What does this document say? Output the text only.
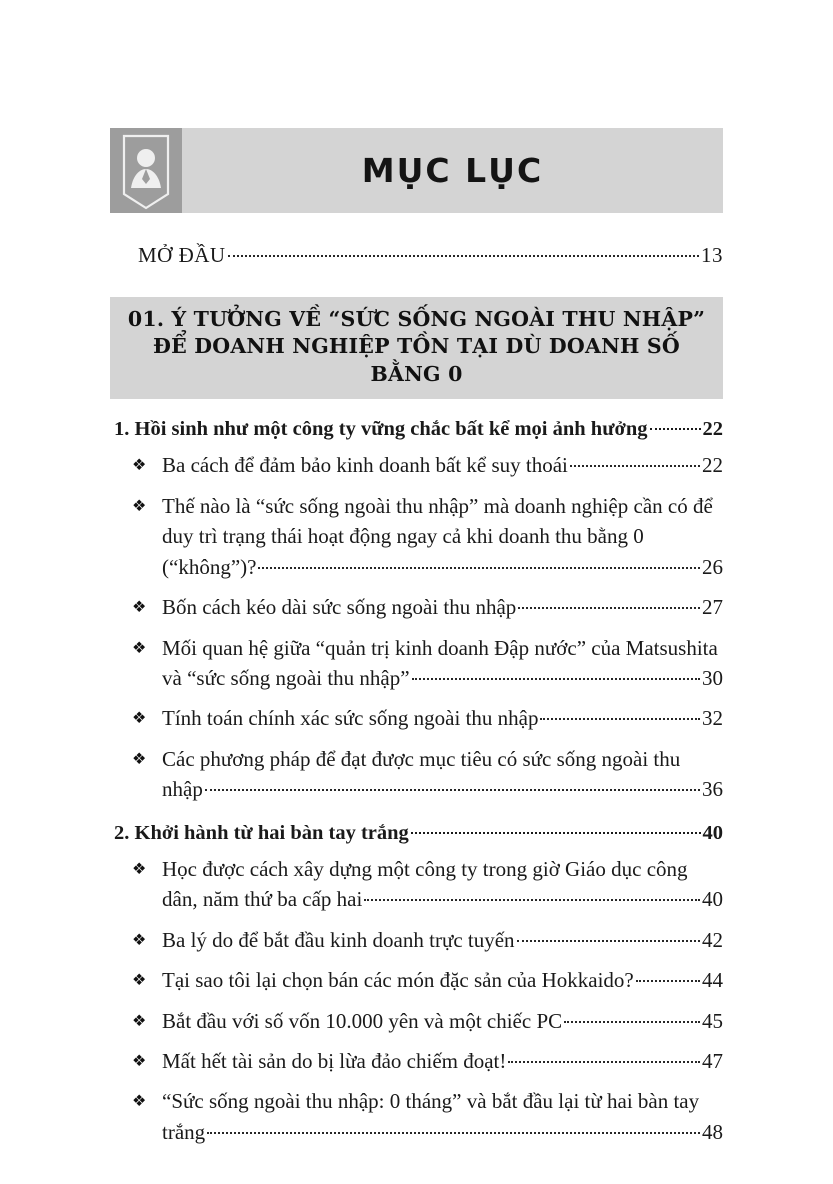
MỤC LỤC
MỞ ĐẦU	13
01. Ý TƯỞNG VỀ “SỨC SỐNG NGOÀI THU NHẬP”
ĐỂ DOANH NGHIỆP TỒN TẠI DÙ DOANH SỐ BẰNG 0
1. Hồi sinh như một công ty vững chắc bất kể mọi ảnh hưởng	22
❖ Ba cách để đảm bảo kinh doanh bất kể suy thoái	22
❖ Thế nào là “sức sống ngoài thu nhập” mà doanh nghiệp cần có để duy trì trạng thái hoạt động ngay cả khi doanh thu bằng 0
(“không”)?	26
❖ Bốn cách kéo dài sức sống ngoài thu nhập	27
❖ Mối quan hệ giữa “quản trị kinh doanh Đập nước” của Matsushita
và “sức sống ngoài thu nhập”	30
❖ Tính toán chính xác sức sống ngoài thu nhập	32
❖ Các phương pháp để đạt được mục tiêu có sức sống ngoài thu
nhập	36
2. Khởi hành từ hai bàn tay trắng	40
❖ Học được cách xây dựng một công ty trong giờ Giáo dục công
dân, năm thứ ba cấp hai	40
❖ Ba lý do để bắt đầu kinh doanh trực tuyến	42
❖ Tại sao tôi lại chọn bán các món đặc sản của Hokkaido?	44
❖ Bắt đầu với số vốn 10.000 yên và một chiếc PC	45
❖ Mất hết tài sản do bị lừa đảo chiếm đoạt!	47
❖ “Sức sống ngoài thu nhập: 0 tháng” và bắt đầu lại từ hai bàn tay
trắng	48
